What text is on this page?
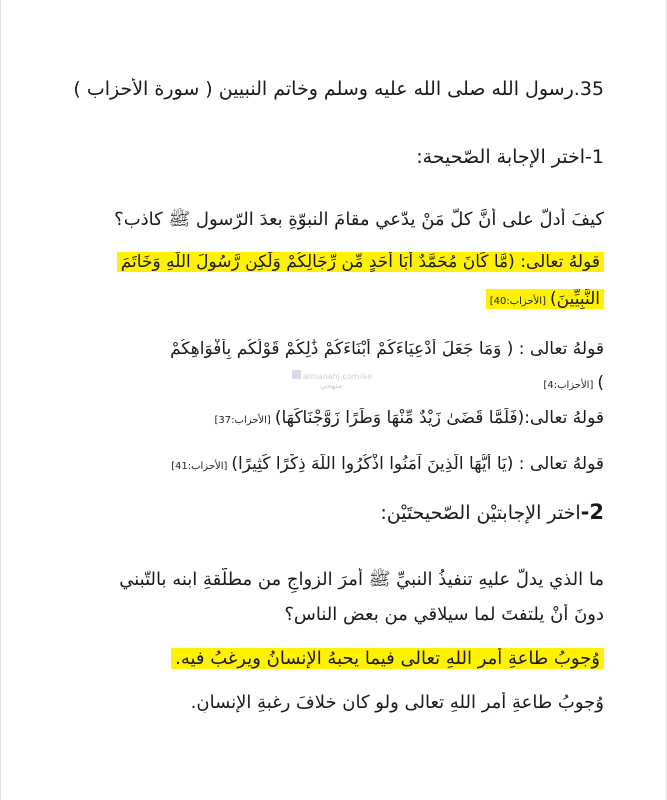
35.رسول الله صلى الله عليه وسلم وخاتم النبيين ( سورة الأحزاب )
1-اختر الإجابة الصّحيحة:
كيفَ أدلُّ على أنَّ كلَّ مَنْ يدّعي مقامَ النبوّةِ بعدَ الرّسول ﷺ كاذب؟
قولهُ تعالى: (مَّا كَانَ مُحَمَّدٌ أَبَا أَحَدٍ مِّن رِّجَالِكُمْ وَلَٰكِن رَّسُولَ اللَّهِ وَخَاتَمَ
النَّبِيِّينَ)[الأحزاب:40]
قولهُ تعالى : ( وَمَا جَعَلَ أَدْعِيَاءَكُمْ أَبْنَاءَكُمْ ذَٰلِكُمْ قَوْلُكُم بِأَفْوَاهِكُمْ
)[الأحزاب:4]
قولهُ تعالى:(فَلَمَّا قَضَىٰ زَيْدٌ مِّنْهَا وَطَرًا زَوَّجْنَاكَهَا)[الأحزاب:37]
قولهُ تعالى : (يَا أَيُّهَا الَّذِينَ آمَنُوا اذْكُرُوا اللَّهَ ذِكْرًا كَثِيرًا)[الأحزاب:41]
2-اخترِ الإجابتيْنِ الصّحيحتَيْنِ:
ما الذي يدلُّ عليهِ تنفيذُ النبيِّ ﷺ أمرَ الزواجِ من مطلّقةِ ابنه بالتّبني
دونَ أنْ يلتفتَ لما سيلاقي من بعض الناس؟
وُجوبُ طاعةِ أمرِ اللهِ تعالى فيما يحبهُ الإنسانُ ويرغبُ فيه.
وُجوبُ طاعةِ أمرِ اللهِ تعالى ولو كان خلافَ رغبةِ الإنسانِ.
almanahj.com/ae
منهجي
